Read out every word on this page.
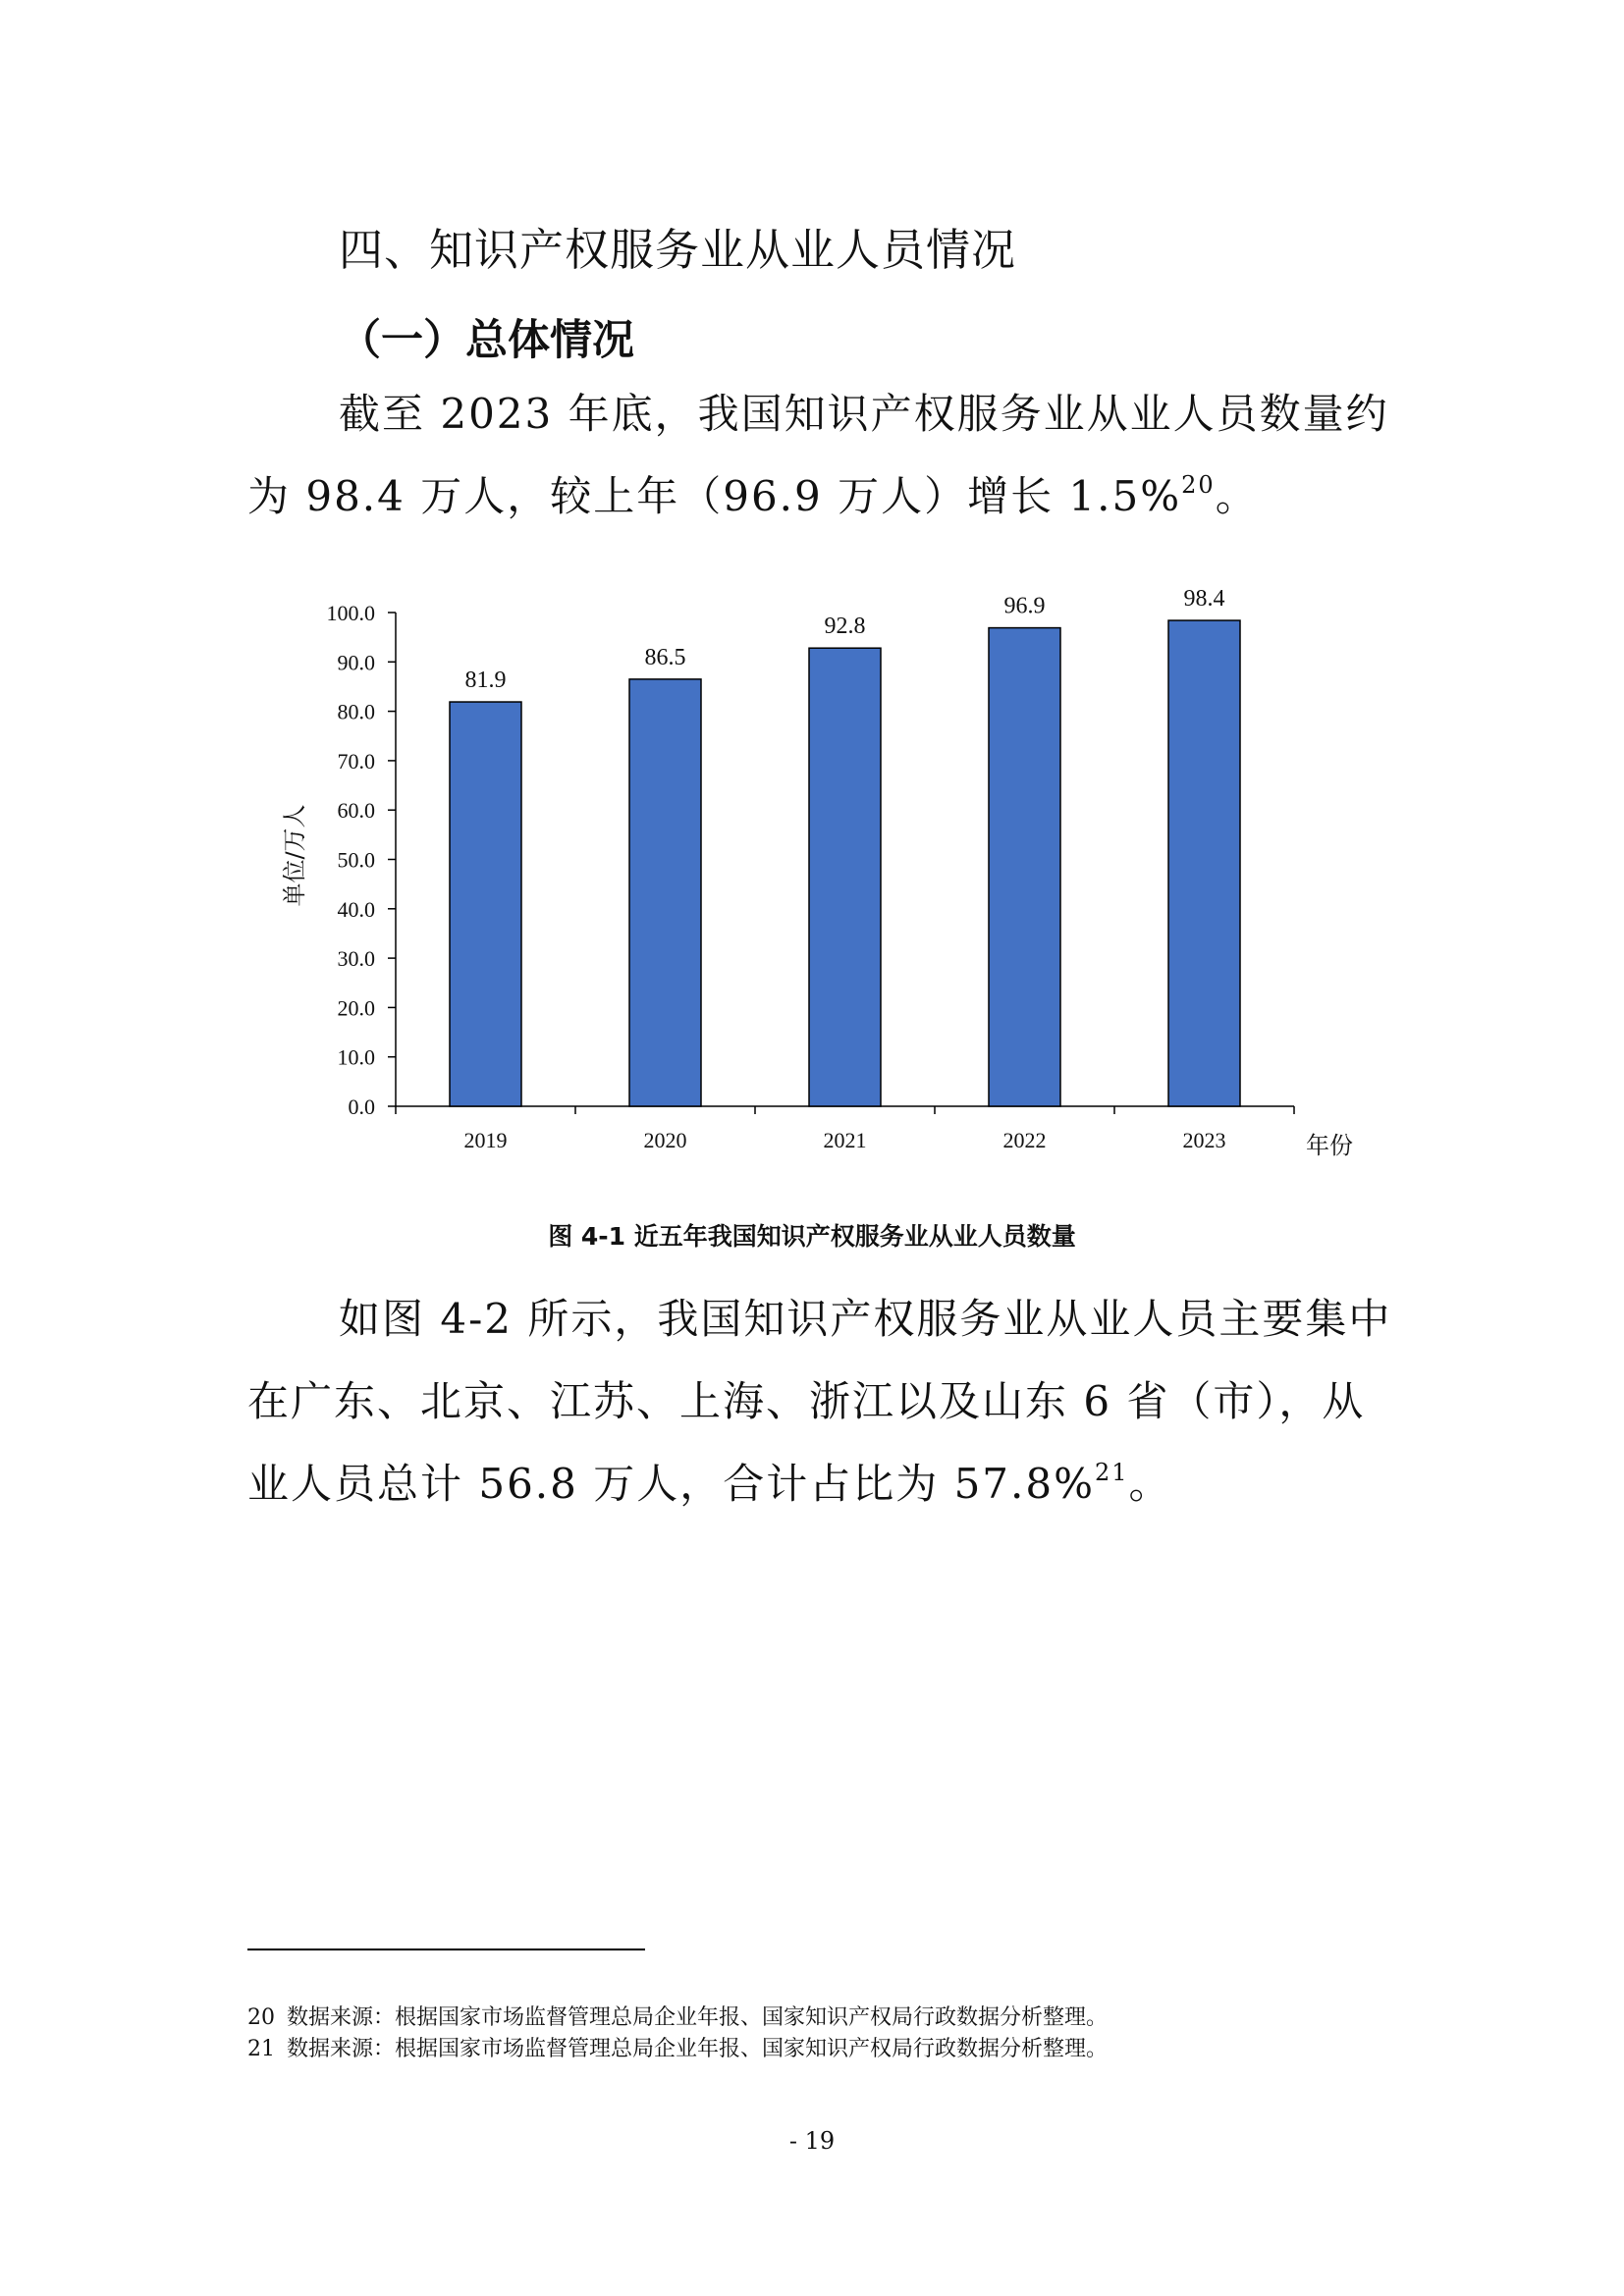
四、知识产权服务业从业人员情况
（一）总体情况
截至 2023 年底，我国知识产权服务业从业人员数量约
为 98.4 万人，较上年（96.9 万人）增长 1.5%$^{20}$。
0.0
10.0
20.0
30.0
40.0
50.0
60.0
70.0
80.0
90.0
100.0
81.9
2019
86.5
2020
92.8
2021
96.9
2022
98.4
2023	年份
单位/万人
图 4-1 近五年我国知识产权服务业从业人员数量
如图 4-2 所示，我国知识产权服务业从业人员主要集中
在广东、北京、江苏、上海、浙江以及山东 6 省（市），从
业人员总计 56.8 万人，合计占比为 57.8%$^{21}$。
20 数据来源：根据国家市场监督管理总局企业年报、国家知识产权局行政数据分析整理。
21 数据来源：根据国家市场监督管理总局企业年报、国家知识产权局行政数据分析整理。
- 19
